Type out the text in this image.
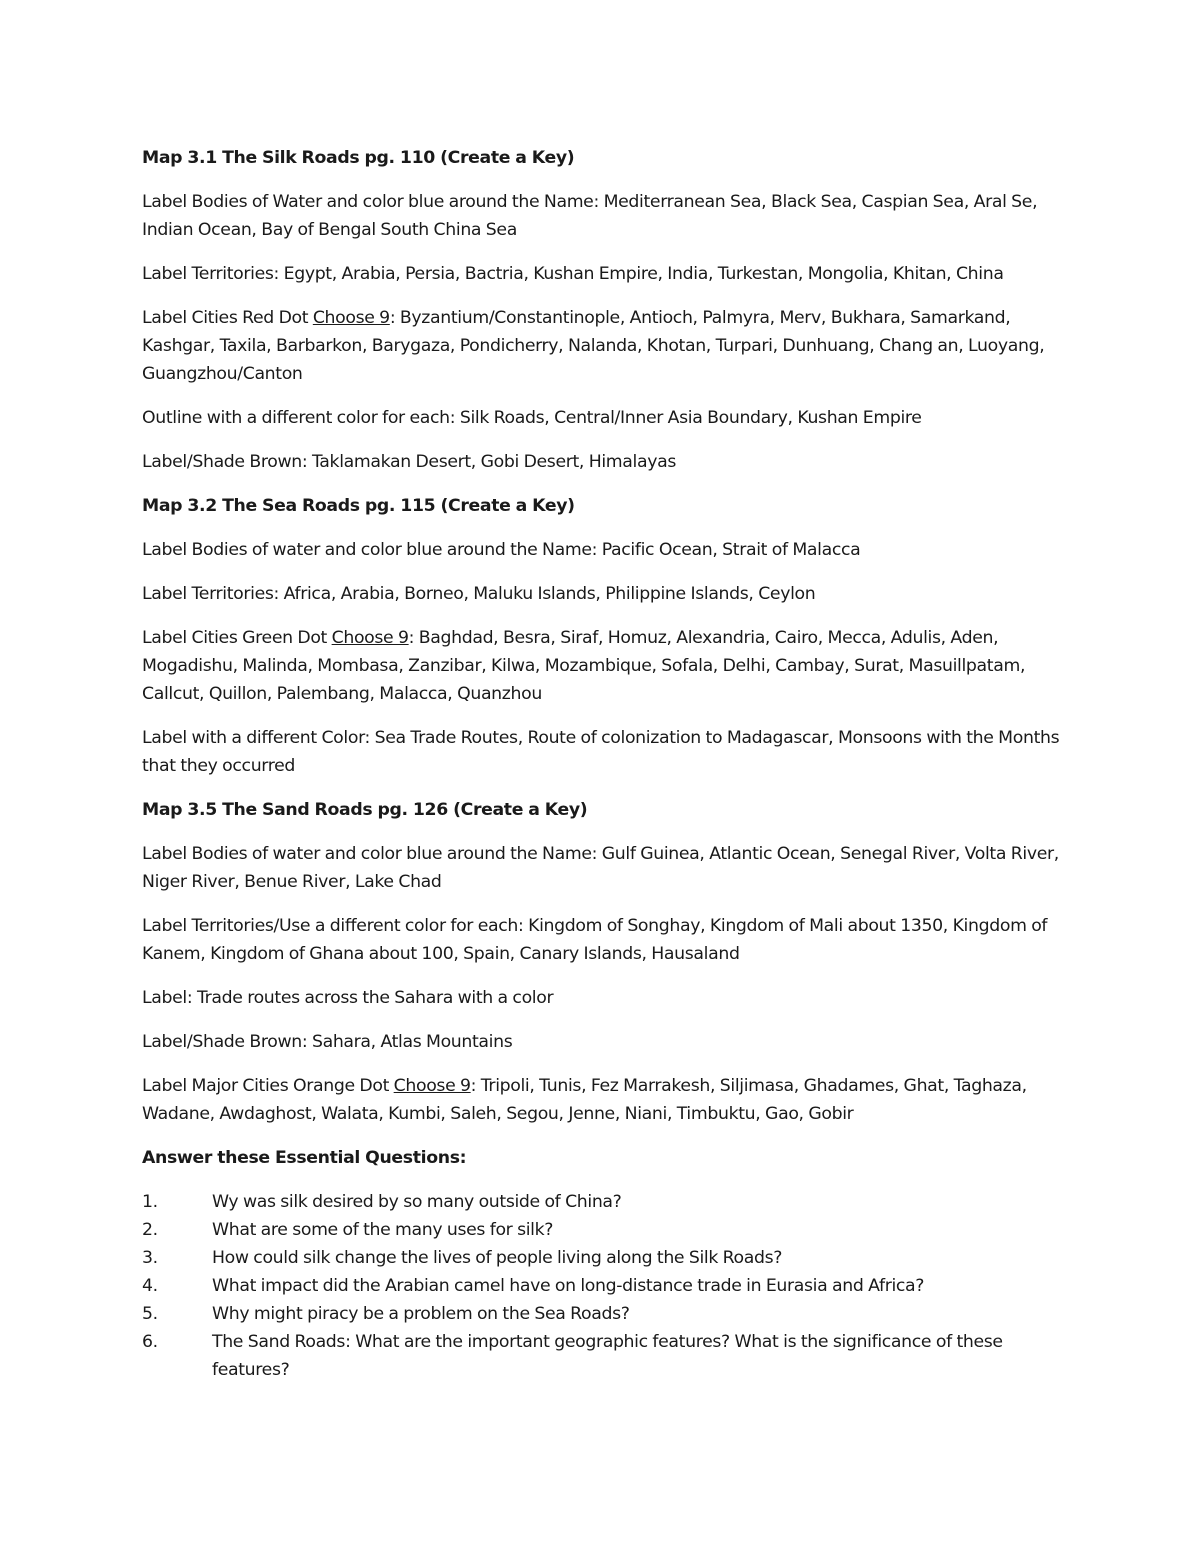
Map 3.1 The Silk Roads pg. 110 (Create a Key)
Label Bodies of Water and color blue around the Name: Mediterranean Sea, Black Sea, Caspian Sea, Aral Se, Indian Ocean, Bay of Bengal South China Sea
Label Territories: Egypt, Arabia, Persia, Bactria, Kushan Empire, India, Turkestan, Mongolia, Khitan, China
Label Cities Red Dot Choose 9: Byzantium/Constantinople, Antioch, Palmyra, Merv, Bukhara, Samarkand, Kashgar, Taxila, Barbarkon, Barygaza, Pondicherry, Nalanda, Khotan, Turpari, Dunhuang, Chang an, Luoyang, Guangzhou/Canton
Outline with a different color for each: Silk Roads, Central/Inner Asia Boundary, Kushan Empire
Label/Shade Brown: Taklamakan Desert, Gobi Desert, Himalayas
Map 3.2 The Sea Roads pg. 115 (Create a Key)
Label Bodies of water and color blue around the Name: Pacific Ocean, Strait of Malacca
Label Territories: Africa, Arabia, Borneo, Maluku Islands, Philippine Islands, Ceylon
Label Cities Green Dot Choose 9: Baghdad, Besra, Siraf, Homuz, Alexandria, Cairo, Mecca, Adulis, Aden, Mogadishu, Malinda, Mombasa, Zanzibar, Kilwa, Mozambique, Sofala, Delhi, Cambay, Surat, Masuillpatam, Callcut, Quillon, Palembang, Malacca, Quanzhou
Label with a different Color: Sea Trade Routes, Route of colonization to Madagascar, Monsoons with the Months that they occurred
Map 3.5 The Sand Roads pg. 126 (Create a Key)
Label Bodies of water and color blue around the Name: Gulf Guinea, Atlantic Ocean, Senegal River, Volta River, Niger River, Benue River, Lake Chad
Label Territories/Use a different color for each: Kingdom of Songhay, Kingdom of Mali about 1350, Kingdom of Kanem, Kingdom of Ghana about 100, Spain, Canary Islands, Hausaland
Label: Trade routes across the Sahara with a color
Label/Shade Brown: Sahara, Atlas Mountains
Label Major Cities Orange Dot Choose 9: Tripoli, Tunis, Fez Marrakesh, Siljimasa, Ghadames, Ghat, Taghaza, Wadane, Awdaghost, Walata, Kumbi, Saleh, Segou, Jenne, Niani, Timbuktu, Gao, Gobir
Answer these Essential Questions:
1.	Wy was silk desired by so many outside of China?
2.	What are some of the many uses for silk?
3.	How could silk change the lives of people living along the Silk Roads?
4.	What impact did the Arabian camel have on long-distance trade in Eurasia and Africa?
5.	Why might piracy be a problem on the Sea Roads?
6.	The Sand Roads: What are the important geographic features? What is the significance of these features?
